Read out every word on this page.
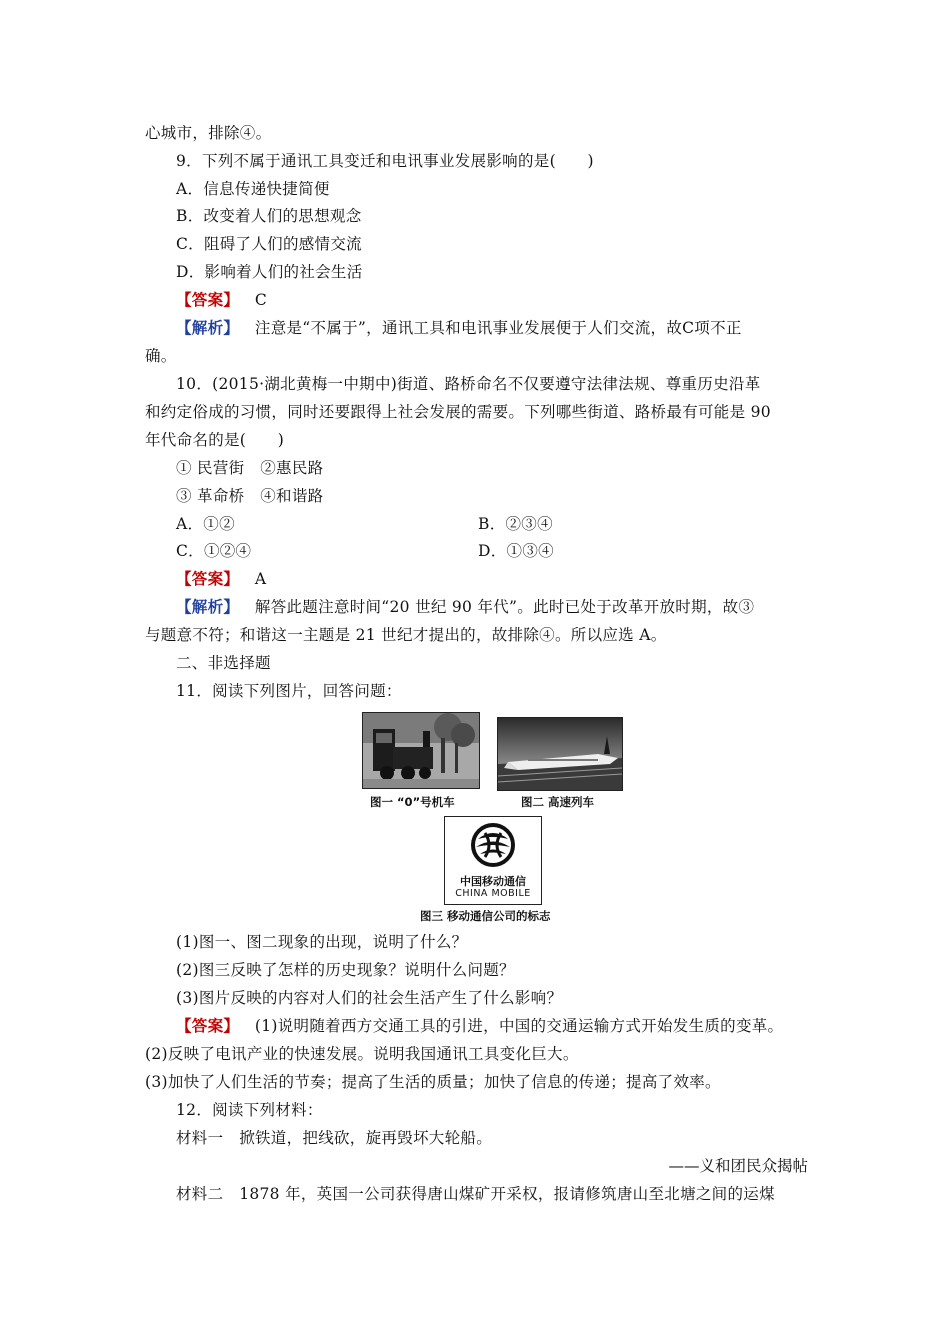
心城市，排除④。
9．下列不属于通讯工具变迁和电讯事业发展影响的是(　　)
A．信息传递快捷简便
B．改变着人们的思想观念
C．阻碍了人们的感情交流
D．影响着人们的社会生活
【答案】 C
【解析】 注意是“不属于”，通讯工具和电讯事业发展便于人们交流，故C项不正
确。
10．(2015·湖北黄梅一中期中)街道、路桥命名不仅要遵守法律法规、尊重历史沿革
和约定俗成的习惯，同时还要跟得上社会发展的需要。下列哪些街道、路桥最有可能是 90
年代命名的是(　　)
① 民营街　②惠民路
③ 革命桥　④和谐路
A．①②	B．②③④
C．①②④	D．①③④
【答案】 A
【解析】 解答此题注意时间“20 世纪 90 年代”。此时已处于改革开放时期，故③
与题意不符；和谐这一主题是 21 世纪才提出的，故排除④。所以应选 A。
二、非选择题
11．阅读下列图片，回答问题：
图一 “0”号机车	图二 高速列车
中国移动通信
CHINA MOBILE
图三 移动通信公司的标志
(1)图一、图二现象的出现，说明了什么？
(2)图三反映了怎样的历史现象？说明什么问题？
(3)图片反映的内容对人们的社会生活产生了什么影响？
【答案】 (1)说明随着西方交通工具的引进，中国的交通运输方式开始发生质的变革。
(2)反映了电讯产业的快速发展。说明我国通讯工具变化巨大。
(3)加快了人们生活的节奏；提高了生活的质量；加快了信息的传递；提高了效率。
12．阅读下列材料：
材料一　掀铁道，把线砍，旋再毁坏大轮船。
——义和团民众揭帖
材料二　1878 年，英国一公司获得唐山煤矿开采权，报请修筑唐山至北塘之间的运煤
